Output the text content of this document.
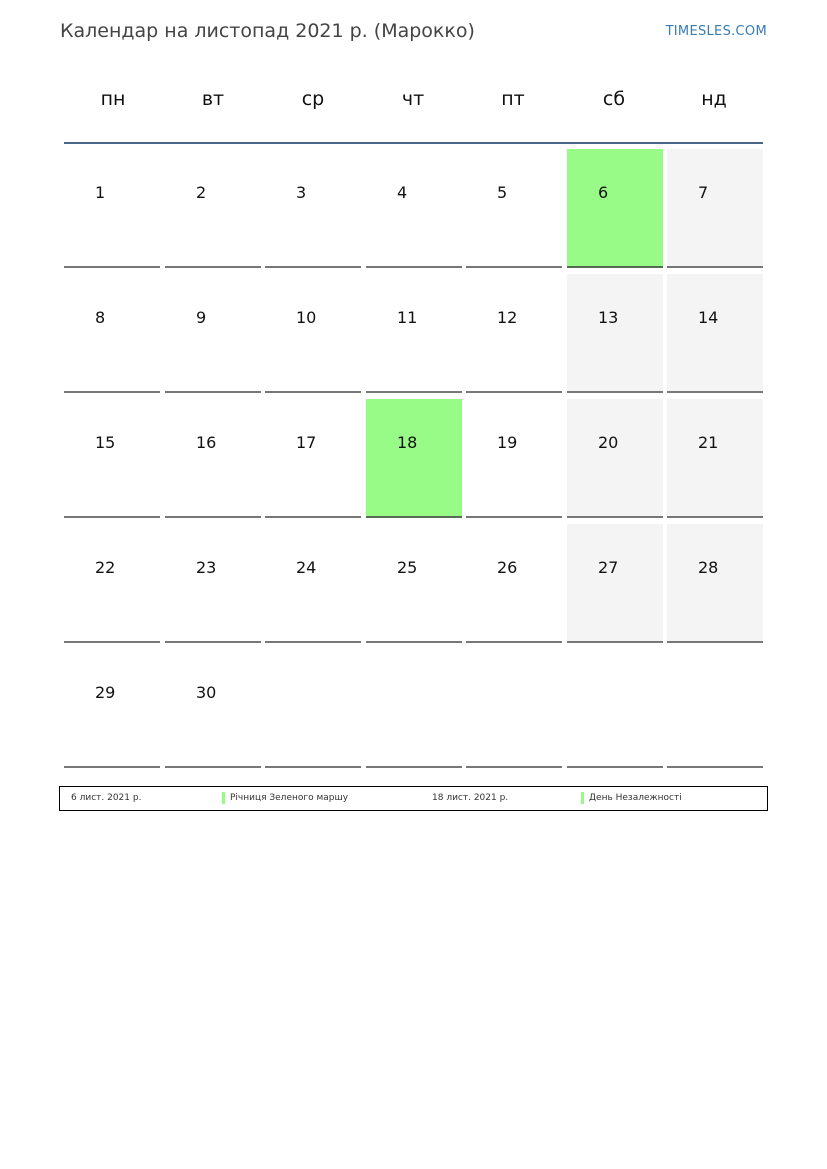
Календар на листопад 2021 р. (Марокко)	TIMESLES.COM
пн	вт	ср	чт	пт	сб	нд
1	2	3	4	5	6	7
8	9	10	11	12	13	14
15	16	17	18	19	20	21
22	23	24	25	26	27	28
29	30
6 лист. 2021 р.	Річниця Зеленого маршу	18 лист. 2021 р.	День Незалежності
